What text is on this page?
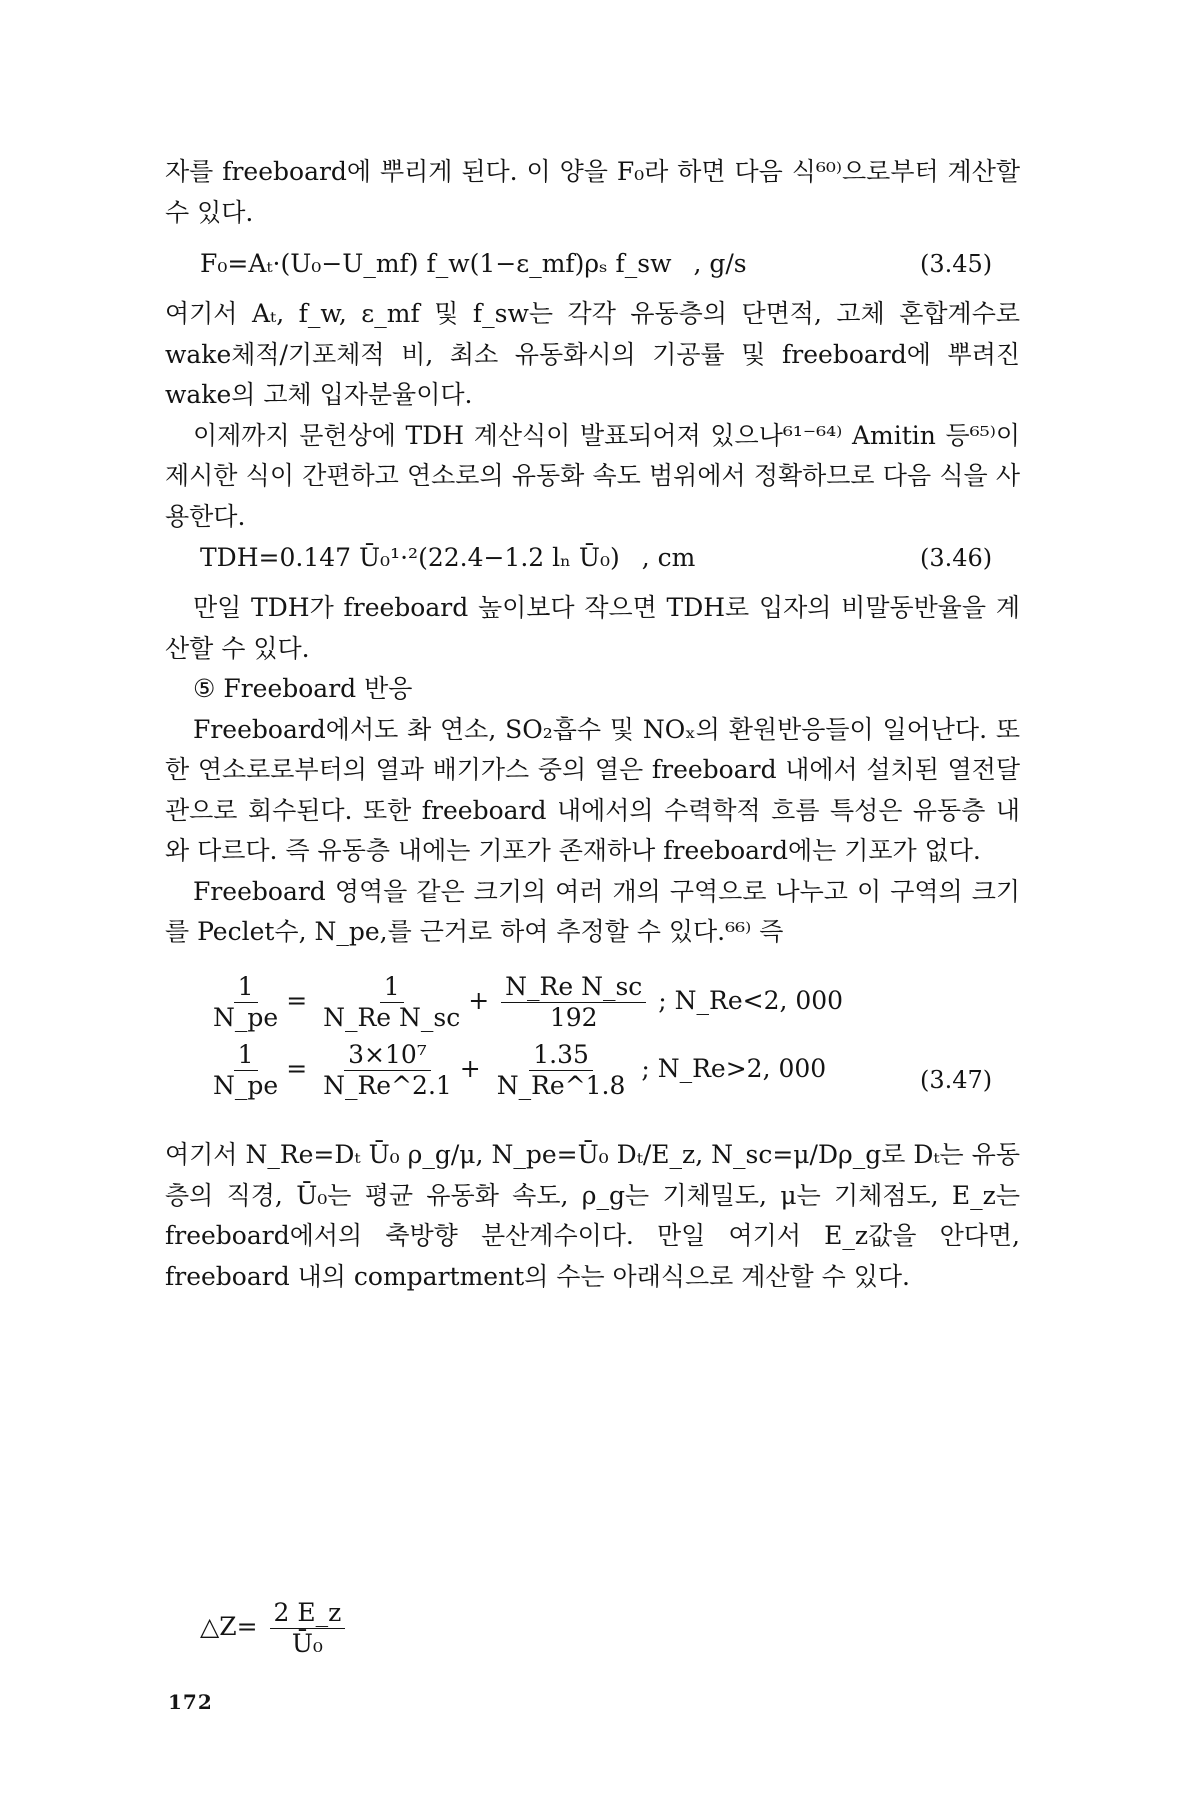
자를 freeboard에 뿌리게 된다. 이 양을 F₀라 하면 다음 식⁶⁰⁾으로부터 계산할 수 있다.

F₀=Aₜ·(U₀−U_mf) f_w(1−ε_mf)ρₛ f_sw , g/s	(3.45)

여기서 Aₜ, f_w, ε_mf 및 f_sw는 각각 유동층의 단면적, 고체 혼합계수로 wake체적/기포체적 비, 최소 유동화시의 기공률 및 freeboard에 뿌려진 wake의 고체 입자분율이다.

이제까지 문헌상에 TDH 계산식이 발표되어져 있으나⁶¹⁻⁶⁴⁾ Amitin 등⁶⁵⁾이 제시한 식이 간편하고 연소로의 유동화 속도 범위에서 정확하므로 다음 식을 사용한다.

TDH=0.147 Ū₀¹·²(22.4−1.2 lₙ Ū₀) , cm	(3.46)

만일 TDH가 freeboard 높이보다 작으면 TDH로 입자의 비말동반율을 계산할 수 있다.

⑤ Freeboard 반응

Freeboard에서도 촤 연소, SO₂흡수 및 NOₓ의 환원반응들이 일어난다. 또한 연소로로부터의 열과 배기가스 중의 열은 freeboard 내에서 설치된 열전달관으로 회수된다. 또한 freeboard 내에서의 수력학적 흐름 특성은 유동층 내와 다르다. 즉 유동층 내에는 기포가 존재하나 freeboard에는 기포가 없다.

Freeboard 영역을 같은 크기의 여러 개의 구역으로 나누고 이 구역의 크기를 Peclet수, N_pe,를 근거로 하여 추정할 수 있다.⁶⁶⁾ 즉

$\frac{1}{N\_pe} = \frac{1}{\text{N\_Re N\_sc}} + \frac{\text{N\_Re N\_sc}}{192}$ ; N_Re<2, 000
$\frac{1}{N\_pe} = \frac{\text{3×10⁷}}{N\_Re\^{}2.1} + \frac{1.35}{N\_Re\^{}1.8}$ ; N_Re>2, 000	(3.47)

여기서 N_Re=Dₜ Ū₀ ρ_g/μ, N_pe=Ū₀ Dₜ/E_z, N_sc=μ/Dρ_g로 Dₜ는 유동층의 직경, Ū₀는 평균 유동화 속도, ρ_g는 기체밀도, μ는 기체점도, E_z는 freeboard에서의 축방향 분산계수이다. 만일 여기서 E_z값을 안다면, freeboard 내의 compartment의 수는 아래식으로 계산할 수 있다.

△Z= $\frac{2 E\_z}{\text{Ū₀}}$
172
